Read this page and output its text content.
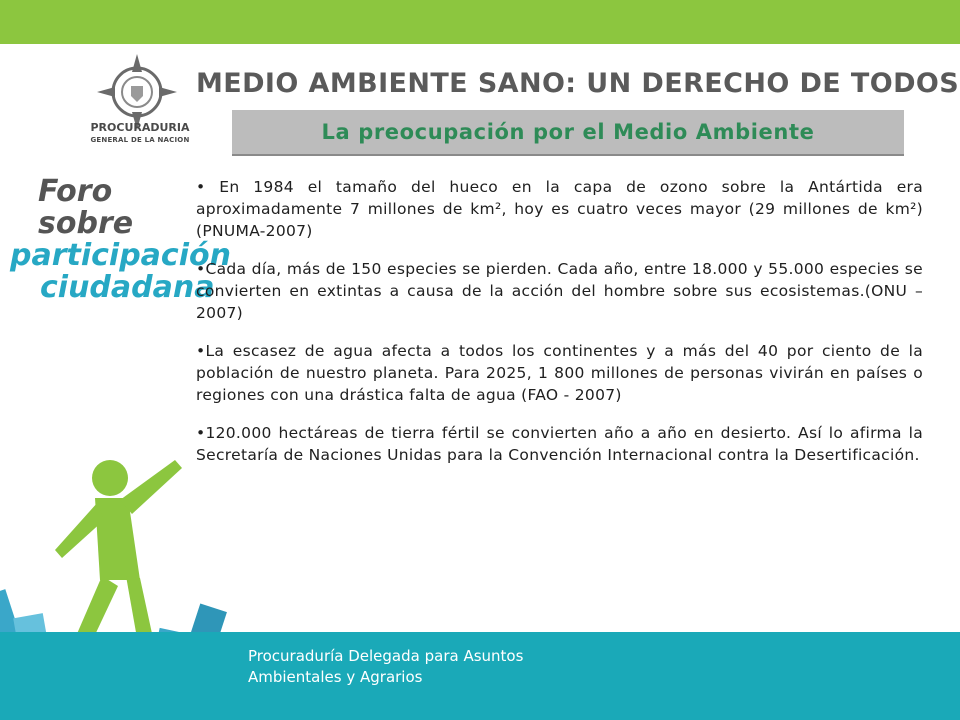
PROCURADURIA
GENERAL DE LA NACION
Foro sobre
participación
ciudadana
MEDIO AMBIENTE SANO: UN DERECHO DE TODOS
La preocupación por el Medio Ambiente

• En 1984 el tamaño del hueco en la capa de ozono sobre la Antártida era aproximadamente 7 millones de km², hoy es cuatro veces mayor (29 millones de km²)(PNUMA-2007)

•Cada día, más de 150 especies se pierden. Cada año, entre 18.000 y 55.000 especies se convierten en extintas a causa de la acción del hombre sobre sus ecosistemas.(ONU – 2007)

•La escasez de agua afecta a todos los continentes y a más del 40 por ciento de la población de nuestro planeta. Para 2025, 1 800 millones de personas vivirán en países o regiones con una drástica falta de agua (FAO - 2007)

•120.000 hectáreas de tierra fértil se convierten año a año en desierto. Así lo afirma la Secretaría de Naciones Unidas para la Convención Internacional contra la Desertificación.

Procuraduría Delegada para Asuntos
Ambientales y Agrarios
